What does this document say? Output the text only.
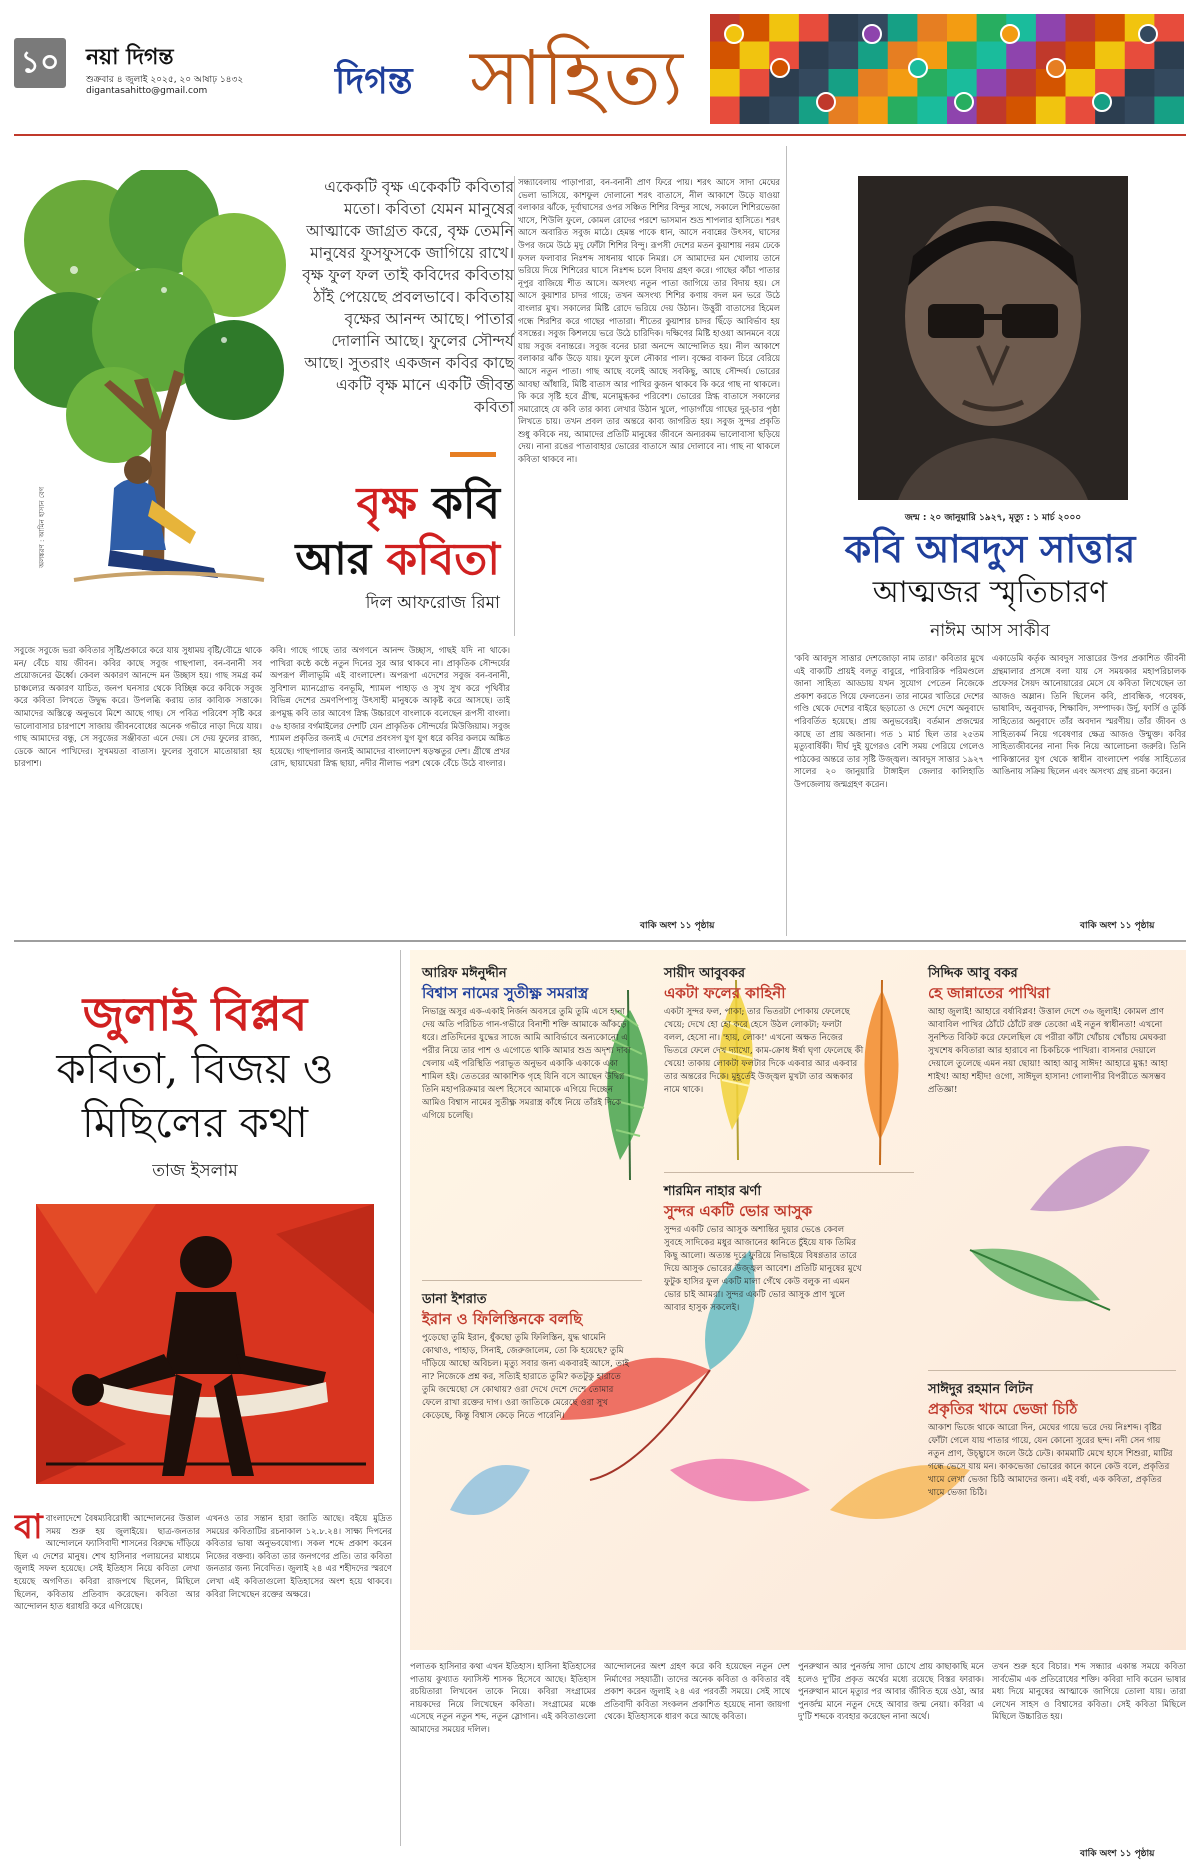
১০ নয়া দিগন্ত
শুক্রবার ৪ জুলাই ২০২৫, ২০ আষাঢ় ১৪৩২
digantasahitto@gmail.com	দিগন্ত সাহিত্য
অলঙ্করণ : আমিন হাসান বেগ
একেকটি বৃক্ষ একেকটি কবিতার মতো। কবিতা যেমন মানুষের আত্মাকে জাগ্রত করে, বৃক্ষ তেমনি মানুষের ফুসফুসকে জাগিয়ে রাখে। বৃক্ষ ফুল ফল তাই কবিদের কবিতায় ঠাঁই পেয়েছে প্রবলভাবে। কবিতায় বৃক্ষের আনন্দ আছে। পাতার দোলানি আছে। ফুলের সৌন্দর্য আছে। সুতরাং একজন কবির কাছে একটি বৃক্ষ মানে একটি জীবন্ত কবিতা
বৃক্ষ কবি
আর কবিতা
দিল আফরোজ রিমা
সবুজে সবুজে ভরা কবিতার সৃষ্টি/প্রকারে করে যায় সুধাময় বৃষ্টি/বৌদ্রে থাকে মন/ বেঁচে যায় জীবন। কবির কাছে সবুজ গাছপালা, বন-বনানী সব প্রয়োজনের ঊর্ধ্বে। কেবল অকারণ আনন্দে মন উচ্ছাস হয়। গাছ সমগ্র কর্ম চাঞ্চল্যের অকারণ যাচিত, জনপ ঘনসার থেকে বিচ্ছিন্ন করে কবিকে সবুজ করে কবিতা লিখতে উদ্বুদ্ধ করে। উপলব্ধি করায় তার কাব্যিক সত্তাকে। আমাদের অস্তিত্বে অনুভবে মিশে আছে গাছ। সে পবিত্র পরিবেশ সৃষ্টি করে ভালোবাসার চারপাশে সাজায় জীবনবোধের অনেক গভীরে নাড়া দিয়ে যায়। গাছ আমাদের বন্ধু, সে সবুজের সঞ্জীবতা এনে দেয়। সে দেয় ফুলের রাজ্য, ডেকে আনে পাখিদের। সুখময়তা বাতাস। ফুলের সুবাসে মাতোয়ারা হয় চারপাশ।
কবি। গাছে গাছে তার অগণনে আনন্দ উচ্ছাস, গাছই যদি না থাকে। পাখিরা কন্ঠে কন্ঠে নতুন দিনের সুর আর থাকবে না। প্রাকৃতিক সৌন্দর্যের অপরূপ লীলাভূমি এই বাংলাদেশ। অপরূপা এদেশের সবুজ বন-বনানী, সুবিশাল ম্যানগ্রোভ বনভূমি, শ্যামল পাহাড় ও সুখ সুখ করে পৃথিবীর বিভিন্ন দেশের ভ্রমণপিপাসু উৎসাহী মানুষকে আকৃষ্ট করে আসছে। তাই রূপমুগ্ধ কবি তার আবেগ স্নিগ্ধ উচ্চারণে বাংলাকে বলেছেন রূপসী বাংলা। ৫৬ হাজার বর্গমাইলের দেশটি যেন প্রাকৃতিক সৌন্দর্যের মিউজিয়াম। সবুজ শ্যামল প্রকৃতির জন্যই এ দেশের প্রবংসগ যুগ যুগ ধরে কবির কলমে অঙ্কিত হয়েছে। গাছপালার জন্যই আমাদের বাংলাদেশ ষড়ঋতুর দেশ। গ্রীষ্মে প্রখর রোদ, ছায়াঘেরা স্নিগ্ধ ছায়া, নদীর নীলাভ পরশ থেকে বেঁচে উঠে বাংলার।
সন্ধ্যাবেলায় পাড়াপারা, বন-বনানী প্রাণ ফিরে পায়। শরৎ আসে সাদা মেঘের ভেলা ভাসিয়ে, কাশফুল দোলানো শরৎ বাতাসে, নীল আকাশে উড়ে যাওয়া বলাকার ঝাঁকে, দূর্বাঘাসের ওপর সঞ্চিত শিশির বিন্দুর সাথে, সকালে শিশিরভেজা খাসে, শিউলি ফুলে, কোমল রোদের পরশে ভাসমান শুভ্র শাপলার হাসিতে। শরৎ আসে অবারিত সবুজ মাঠে। হেমন্ত পাকে ধান, আসে নবান্নের উৎসব, ঘাসের উপর জমে উঠে মৃদু ফোঁটা শিশির বিন্দু। রূপসী দেশের মতন কুয়াশায় নরম ঢেকে ফসল ফলাবার নিঃশব্দ সাধনায় থাকে নিমগ্ন। সে আমাদের মন খোলায় তানে ভরিয়ে দিয়ে শিশিরের ঘাসে নিঃশব্দ চলে বিদায় গ্রহণ করে। গাছের কাঁচা পাতার নূপুর বাজিয়ে শীত আসে। অসংখ্য নতুন পাতা জাগিয়ে তার বিদায় হয়। সে আসে কুয়াশার চাদর গায়ে; তখন অসংখ্য শিশির কণায় বদল মন ভরে উঠে বাংলার মুখ। সকালের মিষ্টি রোদে ভরিয়ে দেয় উঠান। উত্তুরী বাতাসের হিমেল গন্ধে শিরশির করে গাছের পাতারা। শীতের কুয়াশার চাদর ছিঁড়ে আবির্ভাব হয় বসন্তের। সবুজ কিশলয়ে ভরে উঠে চারিদিক। দক্ষিণের মিষ্টি হাওয়া আনমনে বয়ে যায় সবুজ বনান্তরে। সবুজ বনের চারা অনন্দে আন্দোলিত হয়। নীল আকাশে বলাকার ঝাঁক উড়ে যায়। ফুলে ফুলে নৌকার পাল। বৃক্ষের বাকল চিরে বেরিয়ে আসে নতুন পাতা। গাছ আছে বলেই আছে সবকিছু, আছে সৌন্দর্য। ভোরের আবছা আঁধারি, মিষ্টি বাতাস আর পাখির কুজন থাকবে কি করে গাছ না থাকলে। কি করে সৃষ্টি হবে গ্রীষ্ম, মনোমুগ্ধকর পরিবেশ। ভোরের স্নিগ্ধ বাতাসে সকালের সমারোহে যে কবি তার কাব্য লেখার উঠান খুলে, পাড়াগাঁয়ে গাছের দুর্-চার পৃষ্ঠা লিখতে চায়। তখন প্রবল তার অন্তরে কাব্য জাগরিত হয়। সবুজ সুন্দর প্রকৃতি শুধু কবিকে নয়, আমাদের প্রতিটি মানুষের জীবনে অন্যরকম ভালোবাসা ছড়িয়ে দেয়। নানা রঙের পাতাবাহার ভোরের বাতাসে আর দোলাবে না। গাছ না থাকলে কবিতা থাকবে না।
বাকি অংশ ১১ পৃষ্ঠায়
জন্ম : ২০ জানুয়ারি ১৯২৭, মৃত্যু : ১ মার্চ ২০০০
কবি আবদুস সাত্তার
আত্মজর স্মৃতিচারণ
নাঈম আস সাকীব
'কবি আবদুস সাত্তার দেশজোড়া নাম তার।' কবিতার মুখে এই বাক্যটি প্রায়ই বলতু বাবুরে, পারিবারিক পরিমণ্ডলে জানা সাহিত্য আড্ডায় যখন সুযোগ পেতেন নিজেকে প্রকাশ করতে গিয়ে ফেলতেন। তার নামের খাতিরে দেশের গণ্ডি থেকে দেশের বাইরে ছড়াতো ও দেশে দেশে অনুবাদে পরিবর্তিত হয়েছে। প্রায় অনুভবেরই। বর্তমান প্রজন্মের কাছে তা প্রায় অজানা। গত ১ মার্চ ছিল তার ২৫তম মৃত্যুবার্ষিকী। দীর্ঘ দুই যুগেরও বেশি সময় পেরিয়ে গেলেও পাঠকের অন্তরে তার সৃষ্টি উজ্জ্বল। আবদুস সাত্তার ১৯২৭ সালের ২০ জানুয়ারি টাঙ্গাইল জেলার কালিহাতি উপজেলায় জন্মগ্রহণ করেন।
একাডেমি কর্তৃক আবদুস সাত্তারের উপর প্রকাশিত জীবনী গ্রন্থমালার প্রসঙ্গে বলা যায় সে সময়কার মহাপরিচালক প্রফেসর সৈয়দ আনোয়ারের মেসে যে কবিতা লিখেছেন তা আজও অম্লান। তিনি ছিলেন কবি, প্রাবন্ধিক, গবেষক, ভাষাবিদ, অনুবাদক, শিক্ষাবিদ, সম্পাদক। উর্দু, ফার্সি ও তুর্কি সাহিত্যের অনুবাদে তাঁর অবদান স্মরণীয়। তাঁর জীবন ও সাহিত্যকর্ম নিয়ে গবেষণার ক্ষেত্র আজও উন্মুক্ত। কবির সাহিত্যজীবনের নানা দিক নিয়ে আলোচনা জরুরি। তিনি পাকিস্তানের যুগ থেকে স্বাধীন বাংলাদেশ পর্যন্ত সাহিত্যের আঙিনায় সক্রিয় ছিলেন এবং অসংখ্য গ্রন্থ রচনা করেন।
বাকি অংশ ১১ পৃষ্ঠায়
জুলাই বিপ্লব
কবিতা, বিজয় ও
মিছিলের কথা
তাজ ইসলাম
বাবাংলাদেশে বৈষম্যবিরোধী আন্দোলনের উত্তাল সময় শুরু হয় জুলাইয়ে। ছাত্র-জনতার আন্দোলনে ফ্যাসিবাদী শাসনের বিরুদ্ধে দাঁড়িয়ে ছিল এ দেশের মানুষ। শেখ হাসিনার পলায়নের মাধ্যমে জুলাই সফল হয়েছে। সেই ইতিহাস নিয়ে কবিতা লেখা হয়েছে অগণিত। কবিরা রাজপথে ছিলেন, মিছিলে ছিলেন, কবিতায় প্রতিবাদ করেছেন। কবিতা আর আন্দোলন হাত ধরাধরি করে এগিয়েছে।
এখনও তার সন্তান হারা জাতি আছে। বইয়ে মুদ্রিত সময়ের কবিতাটির রচনাকাল ১২.৮.২৪। সাক্ষ্য দিপনের কবিতার ভাষা অনুভবযোগ্য। সকল শব্দে প্রকাশ করেন নিজের বক্তব্য। কবিতা তার জনগণের প্রতি। তার কবিতা জনতার জন্য নিবেদিত। জুলাই ২৪ এর শহীদদের স্মরণে লেখা এই কবিতাগুলো ইতিহাসের অংশ হয়ে থাকবে। কবিরা লিখেছেন রক্তের অক্ষরে।
আরিফ মঈনুদ্দীন
বিশ্বাস নামের সুতীক্ষ্ণ সমরাস্ত্র
নিভাজ্র অসুর এক-একাই নির্জন অবসরে তুমি তুমি এসে হানা দেয় অতি পরিচিত গান-গভীরে বিনাশী শক্তি আমাকে আঁকড়ে ধরে। প্রতিদিনের যুদ্ধের সাজে আমি আবির্ভাবে অন্যকোনো এ পরীর নিয়ে তার পাশ ও এগোতে থাকি আমার শুভ্র অদৃশ্য দাবা খেলায় এই পরিস্থিতি পরাভূত অনুভব একাকি একাকে একা শামিল হই। তেতরের আকাশিক গৃহে যিনি বসে আছেন উদ্বিগ্ন তিনি মহাপরিক্রমার অংশ হিসেবে আমাকে এগিয়ে দিচ্ছেন আমিও বিশ্বাস নামের সুতীক্ষ্ণ সমরাস্ত্র কাঁধে নিয়ে তাঁরই দিকে এগিয়ে চলেছি।
সায়ীদ আবুবকর
একটা ফলের কাহিনী
একটা সুন্দর ফল, পাকা; তার ভিতরটা পোকায় ফেলেছে খেয়ে; দেখে হো হো করে হেসে উঠল লোকটা; ফলটা বলল, হেসো না। 'হায়, লোক!' এখনো অক্ষত নিজের ভিতরে ফেলে দেখ দ্যাখো, কাম-ক্রোধ ঈর্ষা ঘৃণা ফেলেছে কী খেয়ে! তাকায় লোকটা ফলটার দিকে একবার আর একবার তার অন্তরের দিকে। মুহূর্তেই উজ্জ্বল মুখটা তার অন্ধকার নামে থাকে।
সিদ্দিক আবু বকর
হে জান্নাতের পাখিরা
আহা জুলাই! আহারে বর্ষাবিপ্লব! উত্তাল দেশে ৩৬ জুলাই! কোমল প্রাণ আবাবিল পাখির ঠোঁটে ঠোঁটে রক্ত তেজো এই নতুন স্বাধীনতা! এখনো সুনশ্চিত বিকিট করে ফেলেছিল যে পরীরা কাঁটা খোঁচায় খোঁচায় মেঘকরা সুখশেষ কবিতারা আর হারাবে না চিকচিকে পাখিরা। বাসনার দেয়ালে দেয়ালে তুলেছে এমন নয়া ছোয়া! আহা আবু সাঈদ! আহারে মুগ্ধ! আহা শাইখ! আহা শহীদ! ওগো, সাঈদুল হাসান! গোলাপীর বিপরীতে অসম্ভব প্রতিজ্ঞা!
শারমিন নাহার ঝর্ণা
সুন্দর একটি ভোর আসুক
সুন্দর একটি ভোর আসুক অশান্তির দুয়ার ভেঙে কেবল সুবহে সাদিকের মধুর আজানের ধ্বনিতে চুঁইয়ে যাক তিমির কিছু আলো। অত্যন্ত দূরে ফুরিয়ে নিভাইয়ে বিষণ্ণতার তারে দিয়ে আসুক ভোরের উজ্জ্বল আবেশ। প্রতিটি মানুষের মুখে ফুটুক হাসির ফুল একটি মালা গেঁথে কেউ বলুক না এমন ভোর চাই আমরা। সুন্দর একটি ভোর আসুক প্রাণ খুলে আবার হাসুক সকলেই।
ডানা ইশরাত
ইরান ও ফিলিস্তিনকে বলছি
পুড়েছো তুমি ইরান, ধুঁকছো তুমি ফিলিস্তিন, যুদ্ধ থামেনি কোথাও, পাহাড়, সিনাই, জেরুজালেম, তো কি হয়েছে? তুমি দাঁড়িয়ে আছো অবিচল। মৃত্যু সবার জন্য একবারই আসে, তাই না? নিজেকে প্রশ্ন কর, সত্যিই হারাতে তুমি? কতটুকু হারাতে তুমি জন্মেছো সে কোথায়? ওরা দেখে দেশে দেশে তোমার ফেলে রাখা রক্তের দাগ। ওরা জাতিকে মেরেছে ওরা সুখ কেড়েছে, কিন্তু বিশ্বাস কেড়ে নিতে পারেনি।
সাঈদুর রহমান লিটন
প্রকৃতির খামে ভেজা চিঠি
আকাশ ভিজে থাকে আরো দিন, মেঘের গায়ে ভরে দেয় নিঃশব্দ। বৃষ্টির ফোঁটা গেলে যায় পাতার গায়ে, যেন কোনো সুরের ছন্দ। নদী সেন গায় নতুন প্রাণ, উচ্ছ্বাসে জলে উঠে ঢেউ। কামমাটি মেখে হাসে শিশুরা, মাটির গন্ধে ভেসে যায় মন। কাকভেজা ভোরের কানে কানে কেউ বলে, প্রকৃতির খামে লেখা ভেজা চিঠি আমাদের জন্য। এই বর্ষা, এক কবিতা, প্রকৃতির খামে ভেজা চিঠি।
পলাতক হাসিনার কথা এখন ইতিহাস। হাসিনা ইতিহাসের পাতায় কুখ্যাত ফ্যাসিস্ট শাসক হিসেবে আছে। ইতিহাস রচয়িতারা লিখবেন তাকে নিয়ে। কবিরা সংগ্রামের নায়কদের নিয়ে লিখেছেন কবিতা। সংগ্রামের মঞ্চে এসেছে নতুন নতুন শব্দ, নতুন স্লোগান। এই কবিতাগুলো আমাদের সময়ের দলিল।
আন্দোলনের অংশ গ্রহণ করে কবি হয়েছেন নতুন দেশ নির্মাণের সহযাত্রী। তাদের অনেক কবিতা ও কবিতার বই প্রকাশ করেন জুলাই ২৪ এর পরবর্তী সময়ে। সেই সাথে প্রতিবাদী কবিতা সংকলন প্রকাশিত হয়েছে নানা জায়গা থেকে। ইতিহাসকে ধারণ করে আছে কবিতা।
পুনরুত্থান আর পুনর্জন্ম সাদা চোখে প্রায় কাছাকাছি মনে হলেও দু'টির প্রকৃত অর্থের মধ্যে রয়েছে বিস্তর ফারাক। পুনরুত্থান মানে মৃত্যুর পর আবার জীবিত হয়ে ওঠা, আর পুনর্জন্ম মানে নতুন দেহে আবার জন্ম নেয়া। কবিরা এ দু'টি শব্দকে ব্যবহার করেছেন নানা অর্থে।
তখন শুরু হবে বিচার। শব্দ সন্ধ্যার একান্ত সময়ে কবিতা সার্বভৌম এক প্রতিরোধের শক্তি। কবিরা দাবি করেন ভাষার মধ্য দিয়ে মানুষের আত্মাকে জাগিয়ে তোলা যায়। তারা লেখেন সাহস ও বিশ্বাসের কবিতা। সেই কবিতা মিছিলে মিছিলে উচ্চারিত হয়।
বাকি অংশ ১১ পৃষ্ঠায়
